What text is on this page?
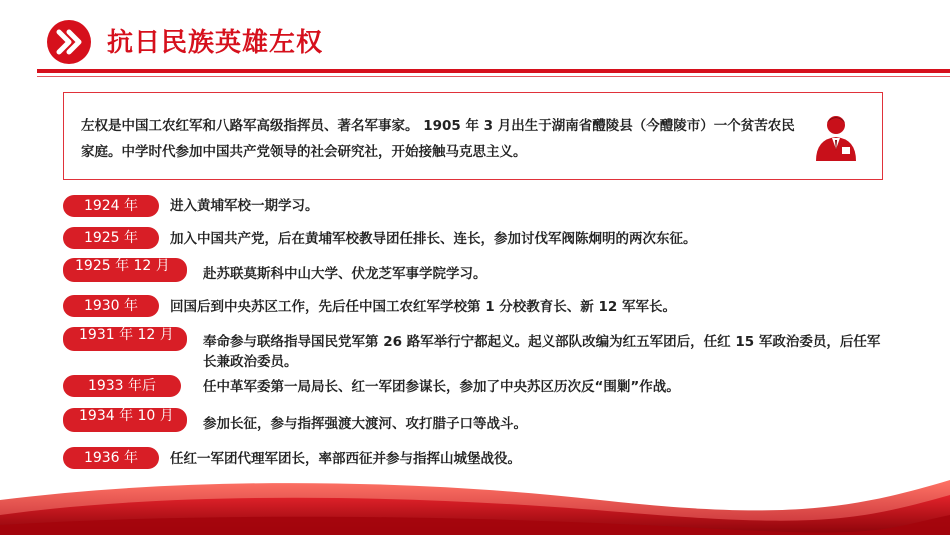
抗日民族英雄左权
左权是中国工农红军和八路军高级指挥员、著名军事家。 1905 年 3 月出生于湖南省醴陵县（今醴陵市）一个贫苦农民家庭。中学时代参加中国共产党领导的社会研究社，开始接触马克思主义。
1924 年	进入黄埔军校一期学习。
1925 年	加入中国共产党，后在黄埔军校教导团任排长、连长，参加讨伐军阀陈炯明的两次东征。
1925 年 12 月	赴苏联莫斯科中山大学、伏龙芝军事学院学习。
1930 年	回国后到中央苏区工作，先后任中国工农红军学校第 1 分校教育长、新 12 军军长。
1931 年 12 月	奉命参与联络指导国民党军第 26 路军举行宁都起义。起义部队改编为红五军团后，任红 15 军政治委员，后任军长兼政治委员。
1933 年后	任中革军委第一局局长、红一军团参谋长，参加了中央苏区历次反“围剿”作战。
1934 年 10 月	参加长征，参与指挥强渡大渡河、攻打腊子口等战斗。
1936 年	任红一军团代理军团长，率部西征并参与指挥山城堡战役。
